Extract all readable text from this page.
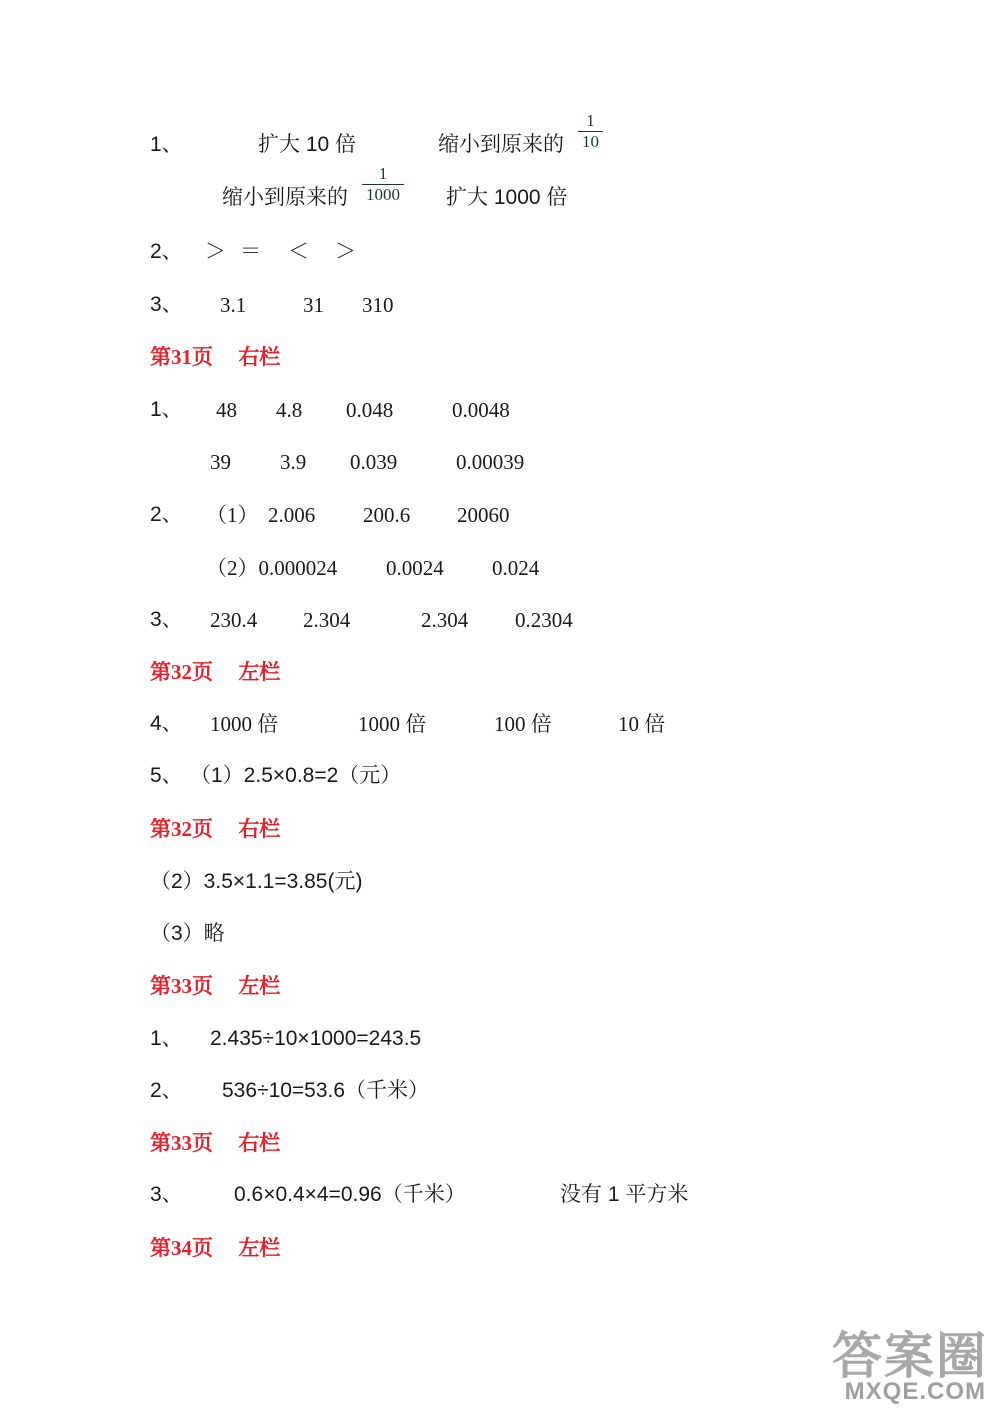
1、	扩大 10 倍	缩小到原来的
1
10
缩小到原来的
1
1000 扩大 1000 倍
2、 ＞ ＝ ＜ ＞
3、 3.1	31 310
第31页 右栏
1、 48 4.8 0.048	0.0048
39 3.9 0.039	0.00039
2、 （1） 2.006 200.6 20060
（2）0.000024 0.0024 0.024
3、 230.4 2.304	2.304 0.2304
第32页 左栏
4、 1000 倍	1000 倍	100 倍	10 倍
5、 （1）2.5×0.8=2（元）
第32页 右栏
（2）3.5×1.1=3.85(元)
（3）略
第33页 左栏
1、 2.435÷10×1000=243.5
2、 536÷10=53.6（千米）
第33页 右栏
3、 0.6×0.4×4=0.96（千米）	没有 1 平方米
第34页 左栏
答案圈
MXQE.COM
